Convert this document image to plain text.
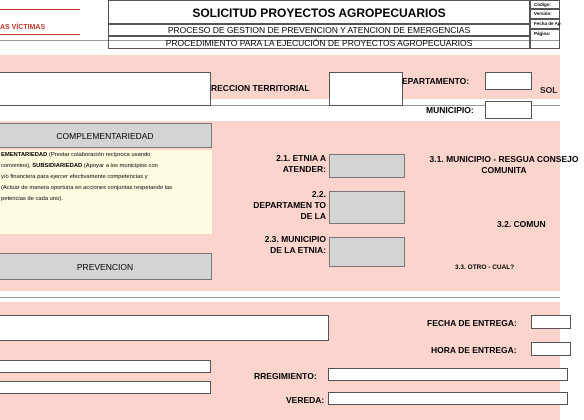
AS VÍCTIMAS
SOLICITUD PROYECTOS AGROPECUARIOS
PROCESO DE GESTION DE PREVENCION Y ATENCION DE EMERGENCIAS
PROCEDIMIENTO PARA LA EJECUCIÓN DE PROYECTOS AGROPECUARIOS
Código:
Versión:
Fecha de Ap
Página:
RECCION TERRITORIAL
EPARTAMENTO:
SOL
MUNICIPIO:
COMPLEMENTARIEDAD
EMENTARIEDAD (Prestar colaboración recíproca usando
convenios), SUBSIDIARIEDAD (Apoyar a los municipios con
y/o financiera para ejercer efectivamente competencias y
(Actuar de manera oportuna en acciones conjuntas respetando las
petencias de cada uno).
PREVENCION
2.1. ETNIA A ATENDER:
2.2. DEPARTAMEN TO DE LA
2.3. MUNICIPIO DE LA ETNIA:
3.1. MUNICIPIO - RESGUA CONSEJO COMUNITA
3.2. COMUN
3.3. OTRO - CUAL?
FECHA DE ENTREGA:
HORA DE ENTREGA:
RREGIMIENTO:
VEREDA:
